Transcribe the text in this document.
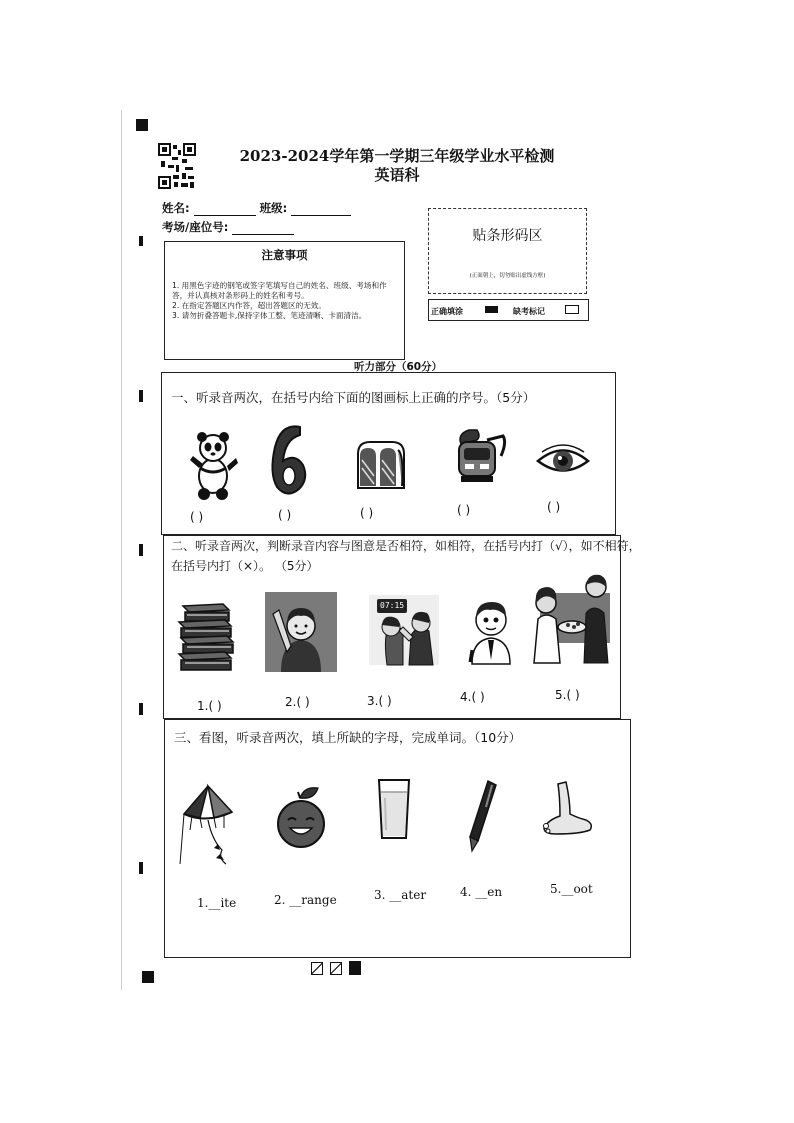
2023-2024学年第一学期三年级学业水平检测
英语科
姓名:	班级:
考场/座位号:
注意事项
1. 用黑色字迹的钢笔或签字笔填写自己的姓名、班级、考场和作答，并认真核对条形码上的姓名和考号。
2. 在指定答题区内作答，超出答题区的无效。
3. 请勿折叠答题卡,保持字体工整、笔迹清晰、卡面清洁。
贴条形码区
(正面朝上，切勿贴出虚线方框)
正确填涂	缺考标记
听力部分（60分）
一、听录音两次，在括号内给下面的图画标上正确的序号。（5分）
( )	( )	( )	( )	( )
二、听录音两次，判断录音内容与图意是否相符，如相符，在括号内打（√），如不相符，
在括号内打（×）。 （5分）
07:15
1.( )	2.( )	3.( )	4.( )	5.( )
三、看图，听录音两次，填上所缺的字母，完成单词。（10分）
1.__ite	2. __range	3. __ater	4. __en	5.__oot
